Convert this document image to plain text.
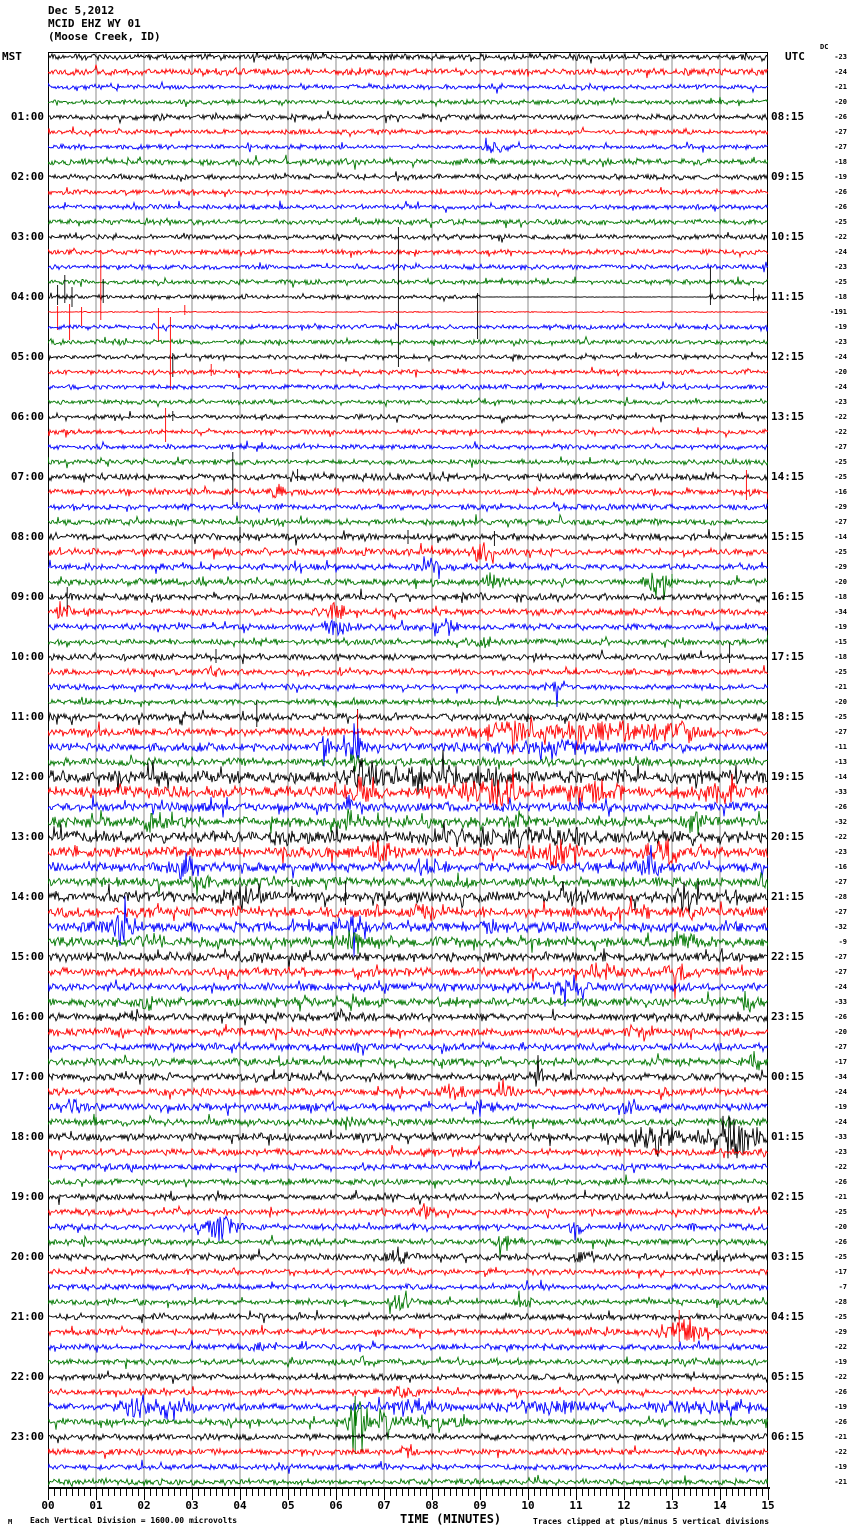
Dec 5,2012
MCID EHZ WY 01
(Moose Creek, ID)
MST	UTC
DC
01:00
02:00
03:00
04:00
05:00
06:00
07:00
08:00
09:00
10:00
11:00
12:00
13:00
14:00
15:00
16:00
17:00
18:00
19:00
20:00
21:00
22:00
23:00
08:15
09:15
10:15
11:15
12:15
13:15
14:15
15:15
16:15
17:15
18:15
19:15
20:15
21:15
22:15
23:15
00:15
01:15
02:15
03:15
04:15
05:15
06:15
-23
-24
-21
-20
-26
-27
-27
-18
-19
-26
-26
-25
-22
-24
-23
-25
-18
-191
-19
-23
-24
-20
-24
-23
-22
-22
-27
-25
-25
-16
-29
-27
-14
-25
-29
-20
-18
-34
-19
-15
-18
-25
-21
-20
-25
-27
-11
-13
-14
-33
-26
-32
-22
-23
-16
-27
-28
-27
-32
-9
-27
-27
-24
-33
-26
-20
-27
-17
-34
-24
-19
-24
-33
-23
-22
-26
-21
-25
-20
-26
-25
-17
-7
-28
-25
-29
-22
-19
-22
-26
-19
-26
-21
-22
-19
-21
00	01	02	03	04	05	06	07	08	09	10	11	12	13	14	15
M Each Vertical Division = 1600.00 microvolts	TIME (MINUTES)	Traces clipped at plus/minus 5 vertical divisions
